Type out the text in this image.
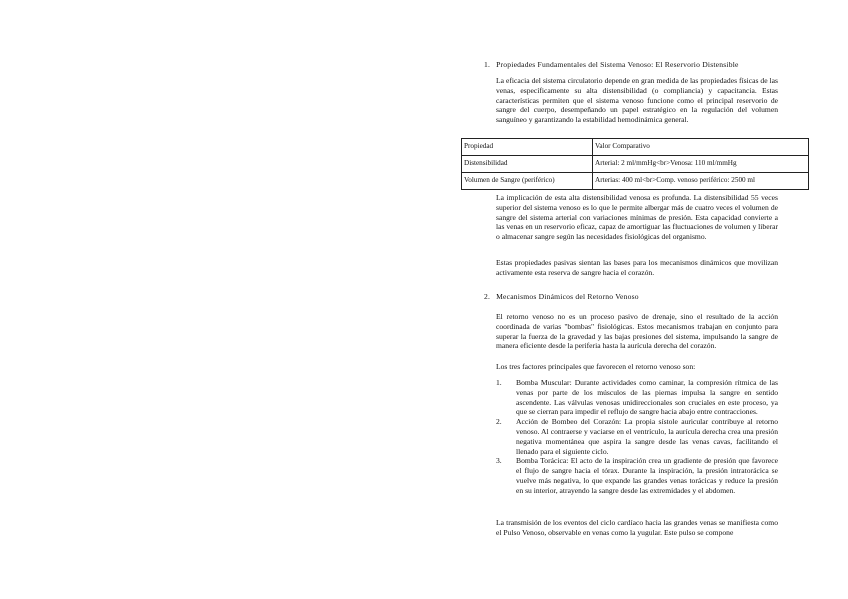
1. Propiedades Fundamentales del Sistema Venoso: El Reservorio Distensible

La eficacia del sistema circulatorio depende en gran medida de las propiedades físicas de las venas, específicamente su alta distensibilidad (o compliancia) y capacitancia. Estas características permiten que el sistema venoso funcione como el principal reservorio de sangre del cuerpo, desempeñando un papel estratégico en la regulación del volumen sanguíneo y garantizando la estabilidad hemodinámica general.

Propiedad	Valor Comparativo
Distensibilidad	Arterial: 2 ml/mmHg<br>Venosa: 110 ml/mmHg
Volumen de Sangre (periférico)	Arterias: 400 ml<br>Comp. venoso periférico: 2500 ml

La implicación de esta alta distensibilidad venosa es profunda. La distensibilidad 55 veces superior del sistema venoso es lo que le permite albergar más de cuatro veces el volumen de sangre del sistema arterial con variaciones mínimas de presión. Esta capacidad convierte a las venas en un reservorio eficaz, capaz de amortiguar las fluctuaciones de volumen y liberar o almacenar sangre según las necesidades fisiológicas del organismo.

Estas propiedades pasivas sientan las bases para los mecanismos dinámicos que movilizan activamente esta reserva de sangre hacia el corazón.

2. Mecanismos Dinámicos del Retorno Venoso

El retorno venoso no es un proceso pasivo de drenaje, sino el resultado de la acción coordinada de varias "bombas" fisiológicas. Estos mecanismos trabajan en conjunto para superar la fuerza de la gravedad y las bajas presiones del sistema, impulsando la sangre de manera eficiente desde la periferia hasta la aurícula derecha del corazón.

Los tres factores principales que favorecen el retorno venoso son:

1.	Bomba Muscular: Durante actividades como caminar, la compresión rítmica de las venas por parte de los músculos de las piernas impulsa la sangre en sentido ascendente. Las válvulas venosas unidireccionales son cruciales en este proceso, ya que se cierran para impedir el reflujo de sangre hacia abajo entre contracciones.
2.	Acción de Bombeo del Corazón: La propia sístole auricular contribuye al retorno venoso. Al contraerse y vaciarse en el ventrículo, la aurícula derecha crea una presión negativa momentánea que aspira la sangre desde las venas cavas, facilitando el llenado para el siguiente ciclo.
3.	Bomba Torácica: El acto de la inspiración crea un gradiente de presión que favorece el flujo de sangre hacia el tórax. Durante la inspiración, la presión intratorácica se vuelve más negativa, lo que expande las grandes venas torácicas y reduce la presión en su interior, atrayendo la sangre desde las extremidades y el abdomen.

La transmisión de los eventos del ciclo cardíaco hacia las grandes venas se manifiesta como el Pulso Venoso, observable en venas como la yugular. Este pulso se compone
